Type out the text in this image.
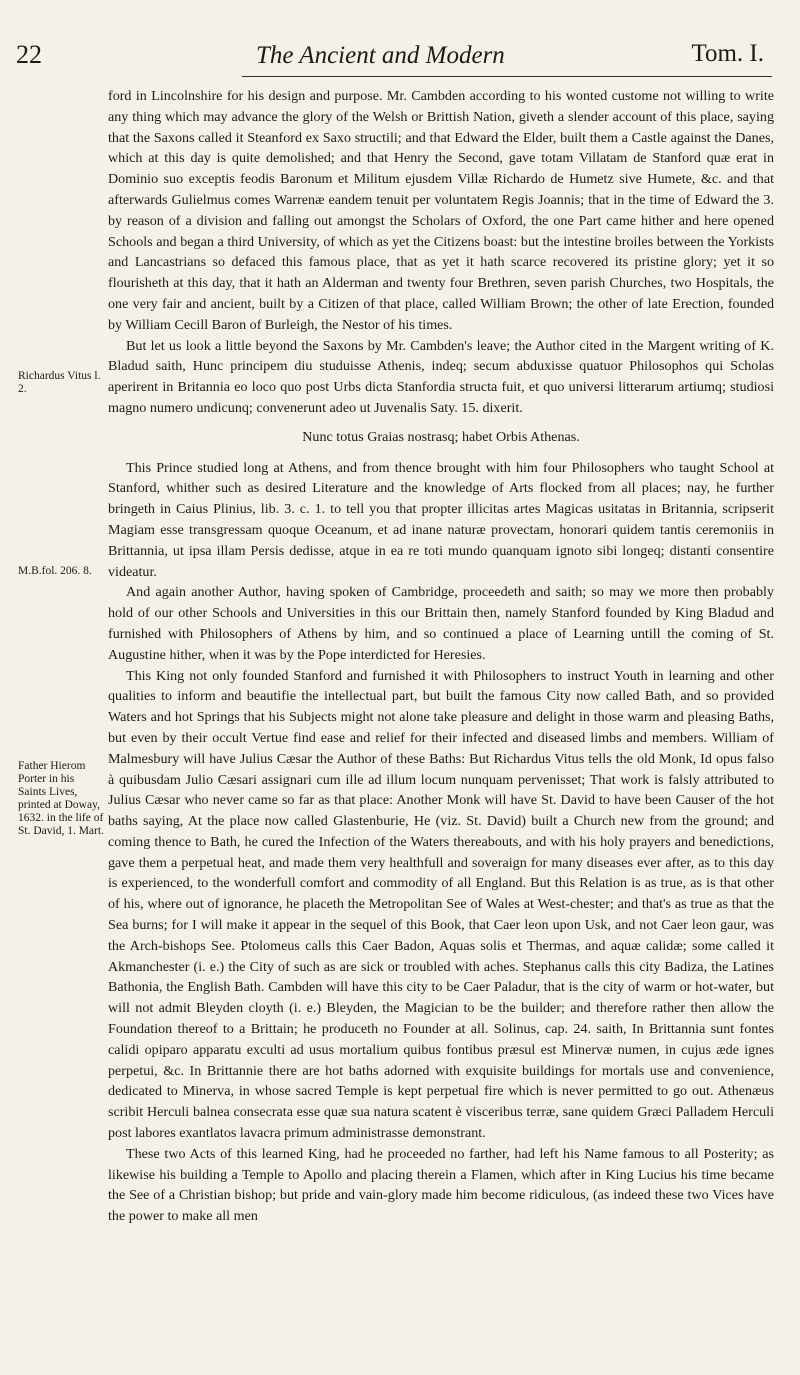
22	The Ancient and Modern	Tom. I.
Richardus Vitus l. 2.
M.B.fol. 206. 8.
Father Hierom Porter in his Saints Lives, printed at Doway, 1632. in the life of St. David, 1. Mart.

ford in Lincolnshire for his design and purpose. Mr. Cambden according to his wonted custome not willing to write any thing which may advance the glory of the Welsh or Brittish Nation, giveth a slender account of this place, saying that the Saxons called it Steanford ex Saxo structili; and that Edward the Elder, built them a Castle against the Danes, which at this day is quite demolished; and that Henry the Second, gave totam Villatam de Stanford quæ erat in Dominio suo exceptis feodis Baronum et Militum ejusdem Villæ Richardo de Humetz sive Humete, &c. and that afterwards Gulielmus comes Warrenæ eandem tenuit per voluntatem Regis Joannis; that in the time of Edward the 3. by reason of a division and falling out amongst the Scholars of Oxford, the one Part came hither and here opened Schools and began a third University, of which as yet the Citizens boast: but the intestine broiles between the Yorkists and Lancastrians so defaced this famous place, that as yet it hath scarce recovered its pristine glory; yet it so flourisheth at this day, that it hath an Alderman and twenty four Brethren, seven parish Churches, two Hospitals, the one very fair and ancient, built by a Citizen of that place, called William Brown; the other of late Erection, founded by William Cecill Baron of Burleigh, the Nestor of his times.

But let us look a little beyond the Saxons by Mr. Cambden's leave; the Author cited in the Margent writing of K. Bladud saith, Hunc principem diu studuisse Athenis, indeq; secum abduxisse quatuor Philosophos qui Scholas aperirent in Britannia eo loco quo post Urbs dicta Stanfordia structa fuit, et quo universi litterarum artiumq; studiosi magno numero undicunq; convenerunt adeo ut Juvenalis Saty. 15. dixerit.

Nunc totus Graias nostrasq; habet Orbis Athenas.

This Prince studied long at Athens, and from thence brought with him four Philosophers who taught School at Stanford, whither such as desired Literature and the knowledge of Arts flocked from all places; nay, he further bringeth in Caius Plinius, lib. 3. c. 1. to tell you that propter illicitas artes Magicas usitatas in Britannia, scripserit Magiam esse transgressam quoque Oceanum, et ad inane naturæ provectam, honorari quidem tantis ceremoniis in Brittannia, ut ipsa illam Persis dedisse, atque in ea re toti mundo quanquam ignoto sibi longeq; distanti consentire videatur.

And again another Author, having spoken of Cambridge, proceedeth and saith; so may we more then probably hold of our other Schools and Universities in this our Brittain then, namely Stanford founded by King Bladud and furnished with Philosophers of Athens by him, and so continued a place of Learning untill the coming of St. Augustine hither, when it was by the Pope interdicted for Heresies.

This King not only founded Stanford and furnished it with Philosophers to instruct Youth in learning and other qualities to inform and beautifie the intellectual part, but built the famous City now called Bath, and so provided Waters and hot Springs that his Subjects might not alone take pleasure and delight in those warm and pleasing Baths, but even by their occult Vertue find ease and relief for their infected and diseased limbs and members. William of Malmesbury will have Julius Cæsar the Author of these Baths: But Richardus Vitus tells the old Monk, Id opus falso à quibusdam Julio Cæsari assignari cum ille ad illum locum nunquam pervenisset; That work is falsly attributed to Julius Cæsar who never came so far as that place: Another Monk will have St. David to have been Causer of the hot baths saying, At the place now called Glastenburie, He (viz. St. David) built a Church new from the ground; and coming thence to Bath, he cured the Infection of the Waters thereabouts, and with his holy prayers and benedictions, gave them a perpetual heat, and made them very healthfull and soveraign for many diseases ever after, as to this day is experienced, to the wonderfull comfort and commodity of all England. But this Relation is as true, as is that other of his, where out of ignorance, he placeth the Metropolitan See of Wales at West-chester; and that's as true as that the Sea burns; for I will make it appear in the sequel of this Book, that Caer leon upon Usk, and not Caer leon gaur, was the Arch-bishops See. Ptolomeus calls this Caer Badon, Aquas solis et Thermas, and aquæ calidæ; some called it Akmanchester (i. e.) the City of such as are sick or troubled with aches. Stephanus calls this city Badiza, the Latines Bathonia, the English Bath. Cambden will have this city to be Caer Paladur, that is the city of warm or hot-water, but will not admit Bleyden cloyth (i. e.) Bleyden, the Magician to be the builder; and therefore rather then allow the Foundation thereof to a Brittain; he produceth no Founder at all. Solinus, cap. 24. saith, In Brittannia sunt fontes calidi opiparo apparatu exculti ad usus mortalium quibus fontibus præsul est Minervæ numen, in cujus æde ignes perpetui, &c. In Brittannie there are hot baths adorned with exquisite buildings for mortals use and convenience, dedicated to Minerva, in whose sacred Temple is kept perpetual fire which is never permitted to go out. Athenæus scribit Herculi balnea consecrata esse quæ sua natura scatent è visceribus terræ, sane quidem Græci Palladem Herculi post labores exantlatos lavacra primum administrasse demonstrant.

These two Acts of this learned King, had he proceeded no farther, had left his Name famous to all Posterity; as likewise his building a Temple to Apollo and placing therein a Flamen, which after in King Lucius his time became the See of a Christian bishop; but pride and vain-glory made him become ridiculous, (as indeed these two Vices have the power to make all men
